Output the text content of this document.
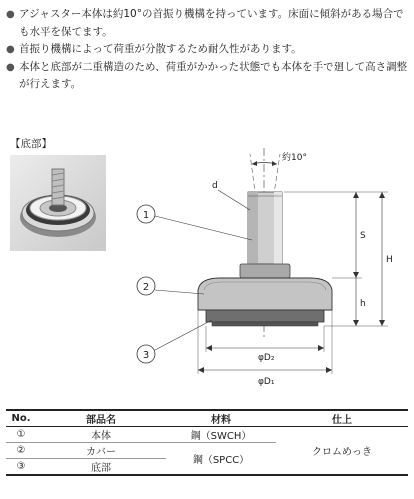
● アジャスター本体は約10°の首振り機構を持っています。床面に傾斜がある場合でも水平を保てます。
● 首振り機構によって荷重が分散するため耐久性があります。
● 本体と底部が二重構造のため、荷重がかかった状態でも本体を手で廻して高さ調整が行えます。
【底部】
約10°
d
1
2
3
S
h
H
φD₂
φD₁
No.	部品名	材料	仕上
①	本体	鋼（SWCH）	クロムめっき
②	カバー	鋼（SPCC）	
③	底部		
